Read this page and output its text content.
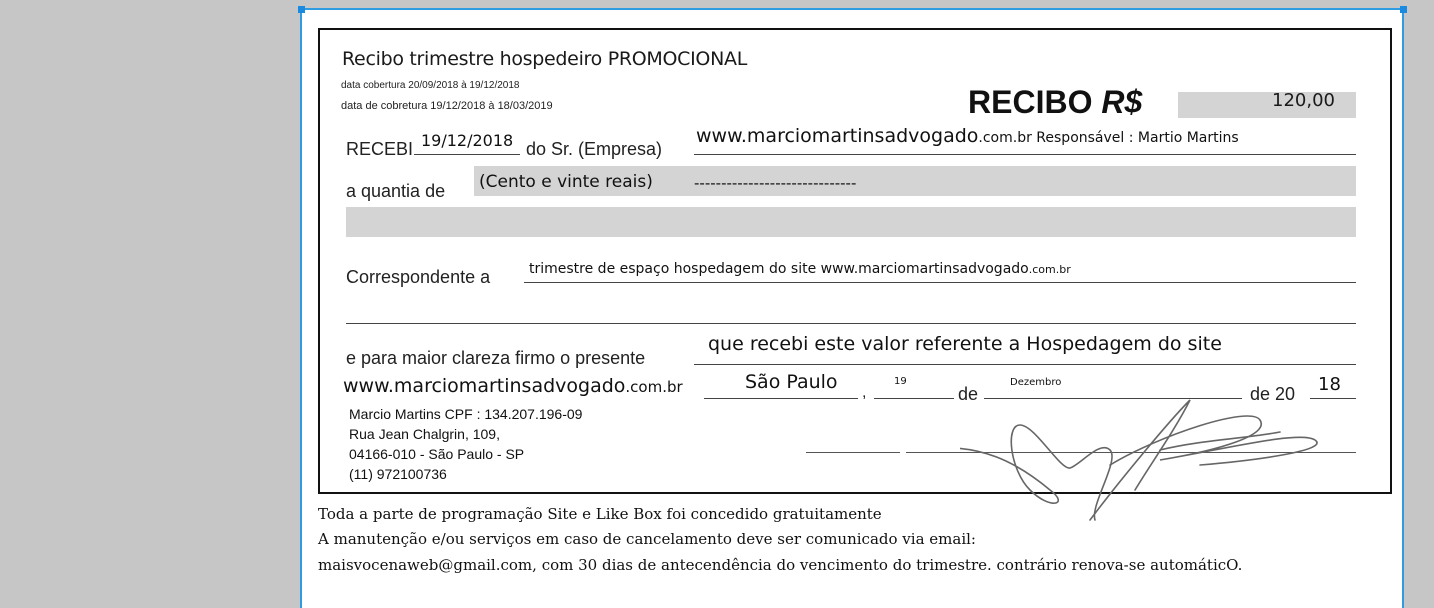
Recibo trimestre hospedeiro PROMOCIONAL
data cobertura 20/09/2018 à 19/12/2018
data de cobretura 19/12/2018 à 18/03/2019	RECIBO R$	120,00
RECEBI 19/12/2018 do Sr. (Empresa)
www.marciomartinsadvogado.com.br Responsável : Martio Martins
a quantia de (Cento e vinte reais)	------------------------------
Correspondente a	trimestre de espaço hospedagem do site www.marciomartinsadvogado.com.br
e para maior clareza firmo o presente
que recebi este valor referente a Hospedagem do site
www.marciomartinsadvogado.com.br	São Paulo ,
19
de
Dezembro
de 20 18
Marcio Martins CPF : 134.207.196-09
Rua Jean Chalgrin, 109,
04166-010 - São Paulo - SP
(11) 972100736
Toda a parte de programação Site e Like Box foi concedido gratuitamente
A manutenção e/ou serviços em caso de cancelamento deve ser comunicado via email:
maisvocenaweb@gmail.com, com 30 dias de antecendência do vencimento do trimestre. contrário renova-se automáticO.
